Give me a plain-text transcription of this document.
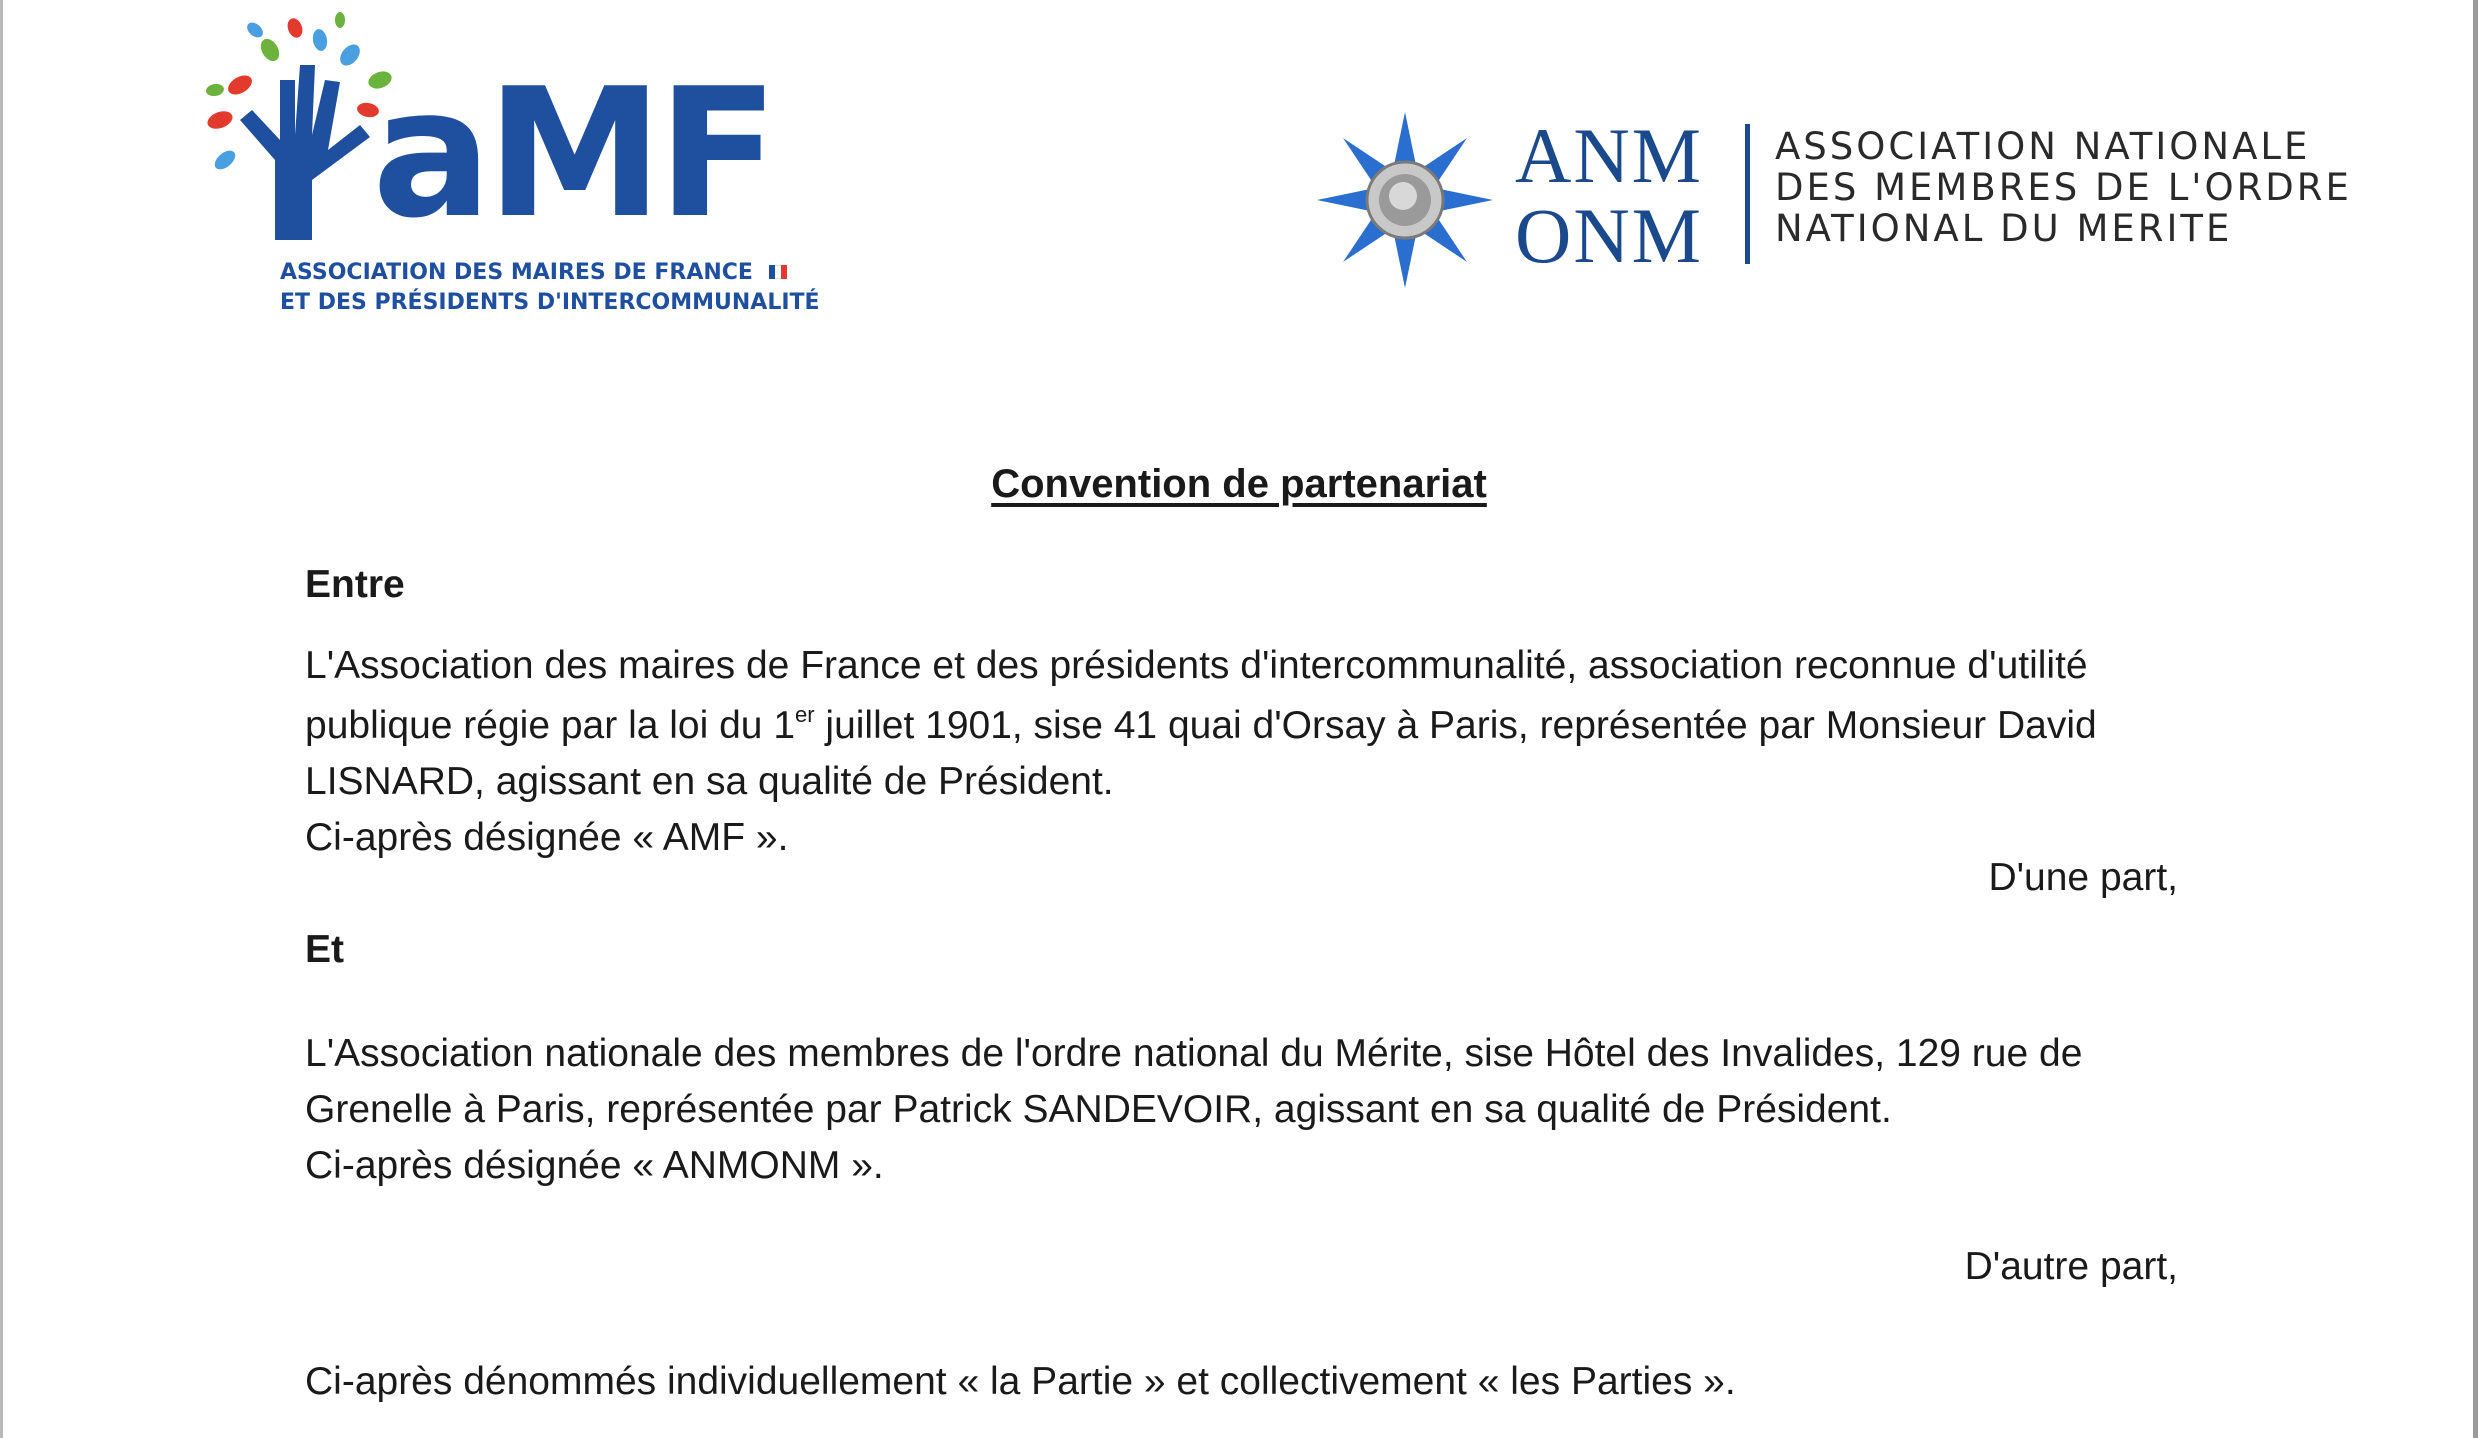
aMF
ASSOCIATION DES MAIRES DE FRANCE
ET DES PRÉSIDENTS D'INTERCOMMUNALITÉ
ANM
ONM
ASSOCIATION NATIONALE
DES MEMBRES DE L'ORDRE
NATIONAL DU MERITE
Convention de partenariat
Entre
L'Association des maires de France et des présidents d'intercommunalité, association reconnue d'utilité
publique régie par la loi du 1er juillet 1901, sise 41 quai d'Orsay à Paris, représentée par Monsieur David
LISNARD, agissant en sa qualité de Président.
Ci-après désignée « AMF ».
D'une part,
Et
L'Association nationale des membres de l'ordre national du Mérite, sise Hôtel des Invalides, 129 rue de
Grenelle à Paris, représentée par Patrick SANDEVOIR, agissant en sa qualité de Président.
Ci-après désignée « ANMONM ».
D'autre part,
Ci-après dénommés individuellement « la Partie » et collectivement « les Parties ».
